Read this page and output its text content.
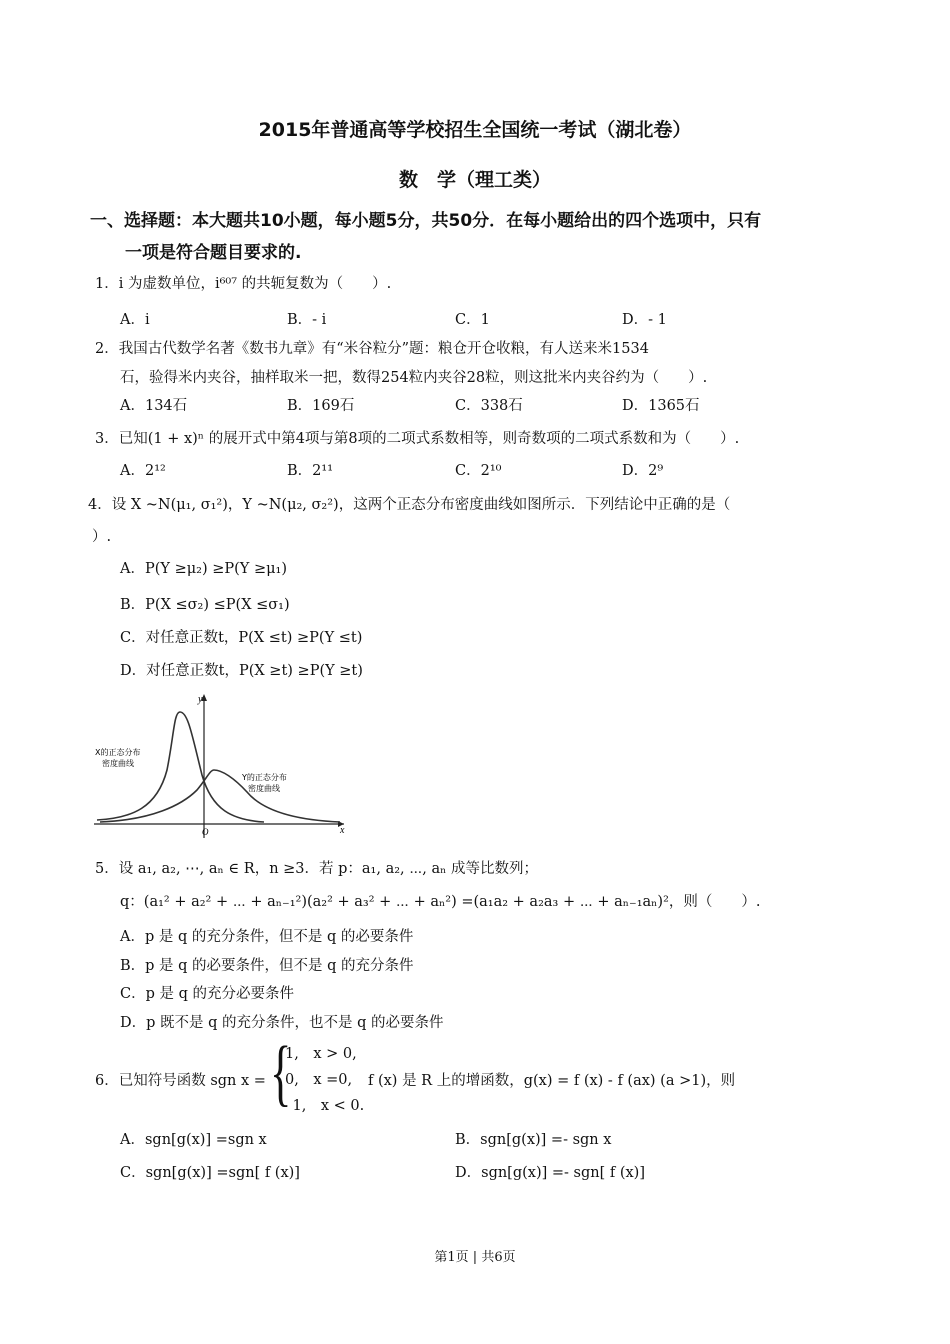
2015年普通高等学校招生全国统一考试（湖北卷）
数　学（理工类）
一、选择题：本大题共10小题，每小题5分，共50分．在每小题给出的四个选项中，只有
一项是符合题目要求的.
1．i 为虚数单位，i⁶⁰⁷ 的共轭复数为（　　）.
A．i	B．- i	C．1	D．- 1
2．我国古代数学名著《数书九章》有“米谷粒分”题：粮仓开仓收粮，有人送来米1534
石，验得米内夹谷，抽样取米一把，数得254粒内夹谷28粒，则这批米内夹谷约为（　　）.
A．134石	B．169石	C．338石	D．1365石
3．已知(1 + x)ⁿ 的展开式中第4项与第8项的二项式系数相等，则奇数项的二项式系数和为（　　）.
A．2¹²	B．2¹¹	C．2¹⁰	D．2⁹
4．设 X ~N(μ₁, σ₁²)，Y ~N(μ₂, σ₂²)，这两个正态分布密度曲线如图所示．下列结论中正确的是（
）.
A．P(Y ≥μ₂) ≥P(Y ≥μ₁)
B．P(X ≤σ₂) ≤P(X ≤σ₁)
C．对任意正数t，P(X ≤t) ≥P(Y ≤t)
D．对任意正数t，P(X ≥t) ≥P(Y ≥t)
y
x
O
X的正态分布
密度曲线
Y的正态分布
密度曲线
5．设 a₁, a₂, ⋯, aₙ ∈ R，n ≥3．若 p：a₁, a₂, ⋯, aₙ 成等比数列；
q：(a₁² + a₂² + ⋯ + aₙ₋₁²)(a₂² + a₃² + ⋯ + aₙ²) =(a₁a₂ + a₂a₃ + ⋯ + aₙ₋₁aₙ)²，则（　　）.
A．p 是 q 的充分条件，但不是 q 的必要条件
B．p 是 q 的必要条件，但不是 q 的充分条件
C．p 是 q 的充分必要条件
D．p 既不是 q 的充分条件，也不是 q 的必要条件
6．已知符号函数 sgn x = {
1,　x > 0,
0,　x =0,
- 1,　x < 0.
f (x) 是 R 上的增函数，g(x) = f (x) - f (ax) (a >1)，则
A．sgn[g(x)] =sgn x	B．sgn[g(x)] =- sgn x
C．sgn[g(x)] =sgn[ f (x)]	D．sgn[g(x)] =- sgn[ f (x)]
第1页 | 共6页
